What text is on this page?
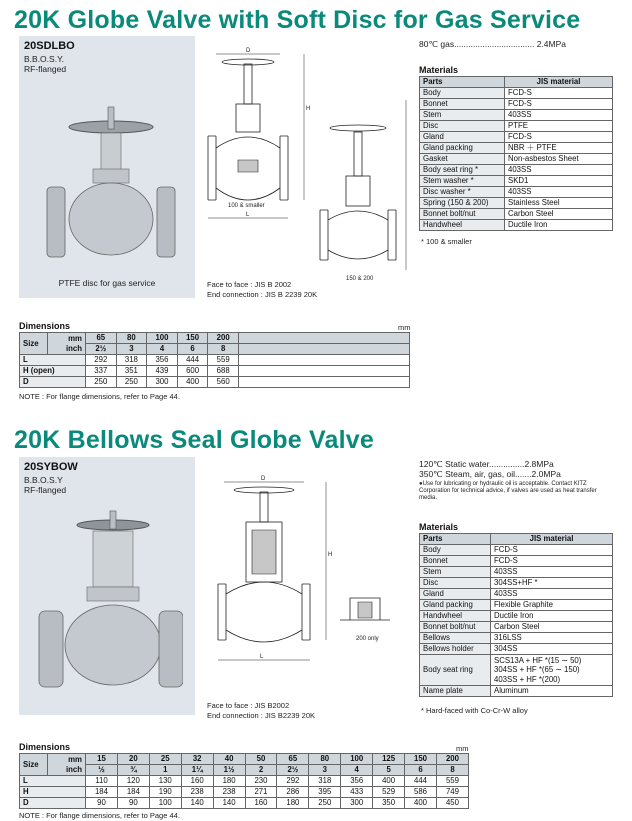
20K Globe Valve with Soft Disc for Gas Service
20SDLBO
B.B.O.S.Y.
RF-flanged
PTFE disc for gas service
D
L
H
100 & smaller
150 & 200
Face to face : JIS B 2002
End connection : JIS B 2239 20K
80℃ gas.................................. 2.4MPa
Materials
Parts	JIS material
Body	FCD-S
Bonnet	FCD-S
Stem	403SS
Disc	PTFE
Gland	FCD-S
Gland packing	NBR ＋ PTFE
Gasket	Non-asbestos Sheet
Body seat ring *	403SS
Stem washer *	SKD1
Disc washer *	403SS
Spring (150 & 200)	Stainless Steel
Bonnet bolt/nut	Carbon Steel
Handwheel	Ductile Iron
* 100 & smaller
Dimensions	mm
Size	mm	65	80	100	150	200	
	inch	2½	3	4	6	8	
L		292	318	356	444	559	
H (open)		337	351	439	600	688	
D		250	250	300	400	560	
NOTE : For flange dimensions, refer to Page 44.
20K Bellows Seal Globe Valve
20SYBOW
B.B.O.S.Y
RF-flanged
D
L
H
200 only
Face to face : JIS B2002
End connection : JIS B2239 20K
120℃ Static water...............2.8MPa
350℃ Steam, air, gas, oil.......2.0MPa
●Use for lubricating or hydraulic oil is acceptable. Contact KITZ Corporation for technical advice, if valves are used as heat transfer media.
Materials
Parts	JIS material
Body	FCD-S
Bonnet	FCD-S
Stem	403SS
Disc	304SS+HF *
Gland	403SS
Gland packing	Flexible Graphite
Handwheel	Ductile Iron
Bonnet bolt/nut	Carbon Steel
Bellows	316LSS
Bellows holder	304SS
Body seat ring	SCS13A + HF *(15 ∼ 50)
304SS + HF *(65 ∼ 150)
403SS + HF *(200)

Name plate	Aluminum
* Hard-faced with Co-Cr-W alloy
Dimensions	mm
Size	mm	15	20	25	32	40	50	65	80	100	125	150	200
	inch	½	¾	1	1¼	1½	2	2½	3	4	5	6	8
L		110	120	130	160	180	230	292	318	356	400	444	559
H		184	184	190	238	238	271	286	395	433	529	586	749
D		90	90	100	140	140	160	180	250	300	350	400	450
NOTE : For flange dimensions, refer to Page 44.
